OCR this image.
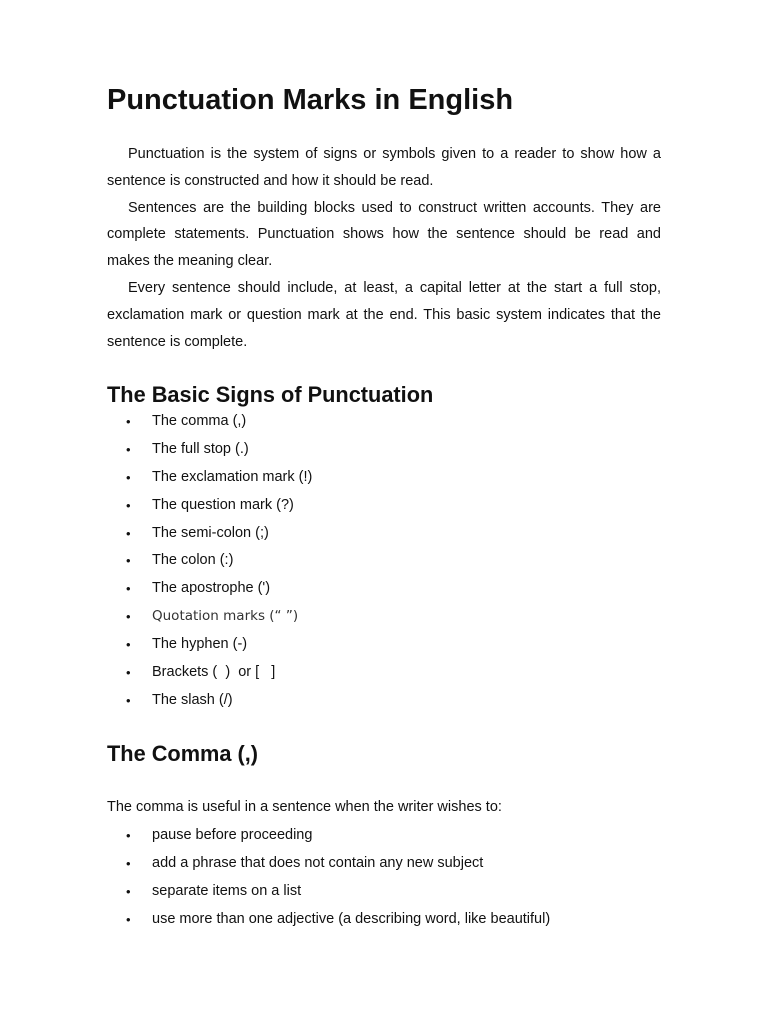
Punctuation Marks in English

Punctuation is the system of signs or symbols given to a reader to show how a sentence is constructed and how it should be read.

Sentences are the building blocks used to construct written accounts. They are complete statements. Punctuation shows how the sentence should be read and makes the meaning clear.

Every sentence should include, at least, a capital letter at the start a full stop, exclamation mark or question mark at the end. This basic system indicates that the sentence is complete.

The Basic Signs of Punctuation
• The comma (,)
• The full stop (.)
• The exclamation mark (!)
• The question mark (?)
• The semi-colon (;)
• The colon (:)
• The apostrophe (')
• Quotation marks (“ ”)
• The hyphen (-)
• Brackets (  )  or [   ]
• The slash (/)
The Comma (,)

The comma is useful in a sentence when the writer wishes to:

• pause before proceeding
• add a phrase that does not contain any new subject
• separate items on a list
• use more than one adjective (a describing word, like beautiful)
